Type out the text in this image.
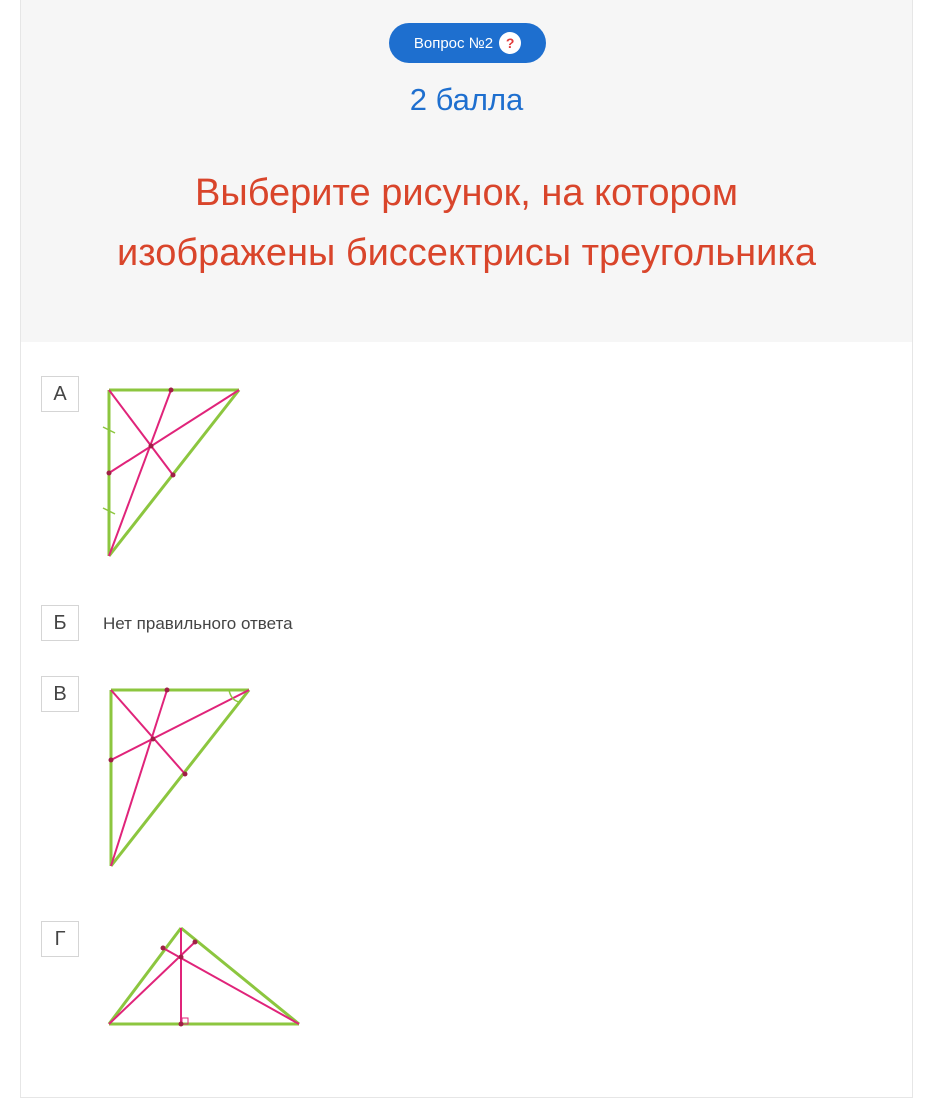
Вопрос №2 ?
2 балла
Выберите рисунок, на котором
изображены биссектрисы треугольника
А
Б	Нет правильного ответа
В
Г
